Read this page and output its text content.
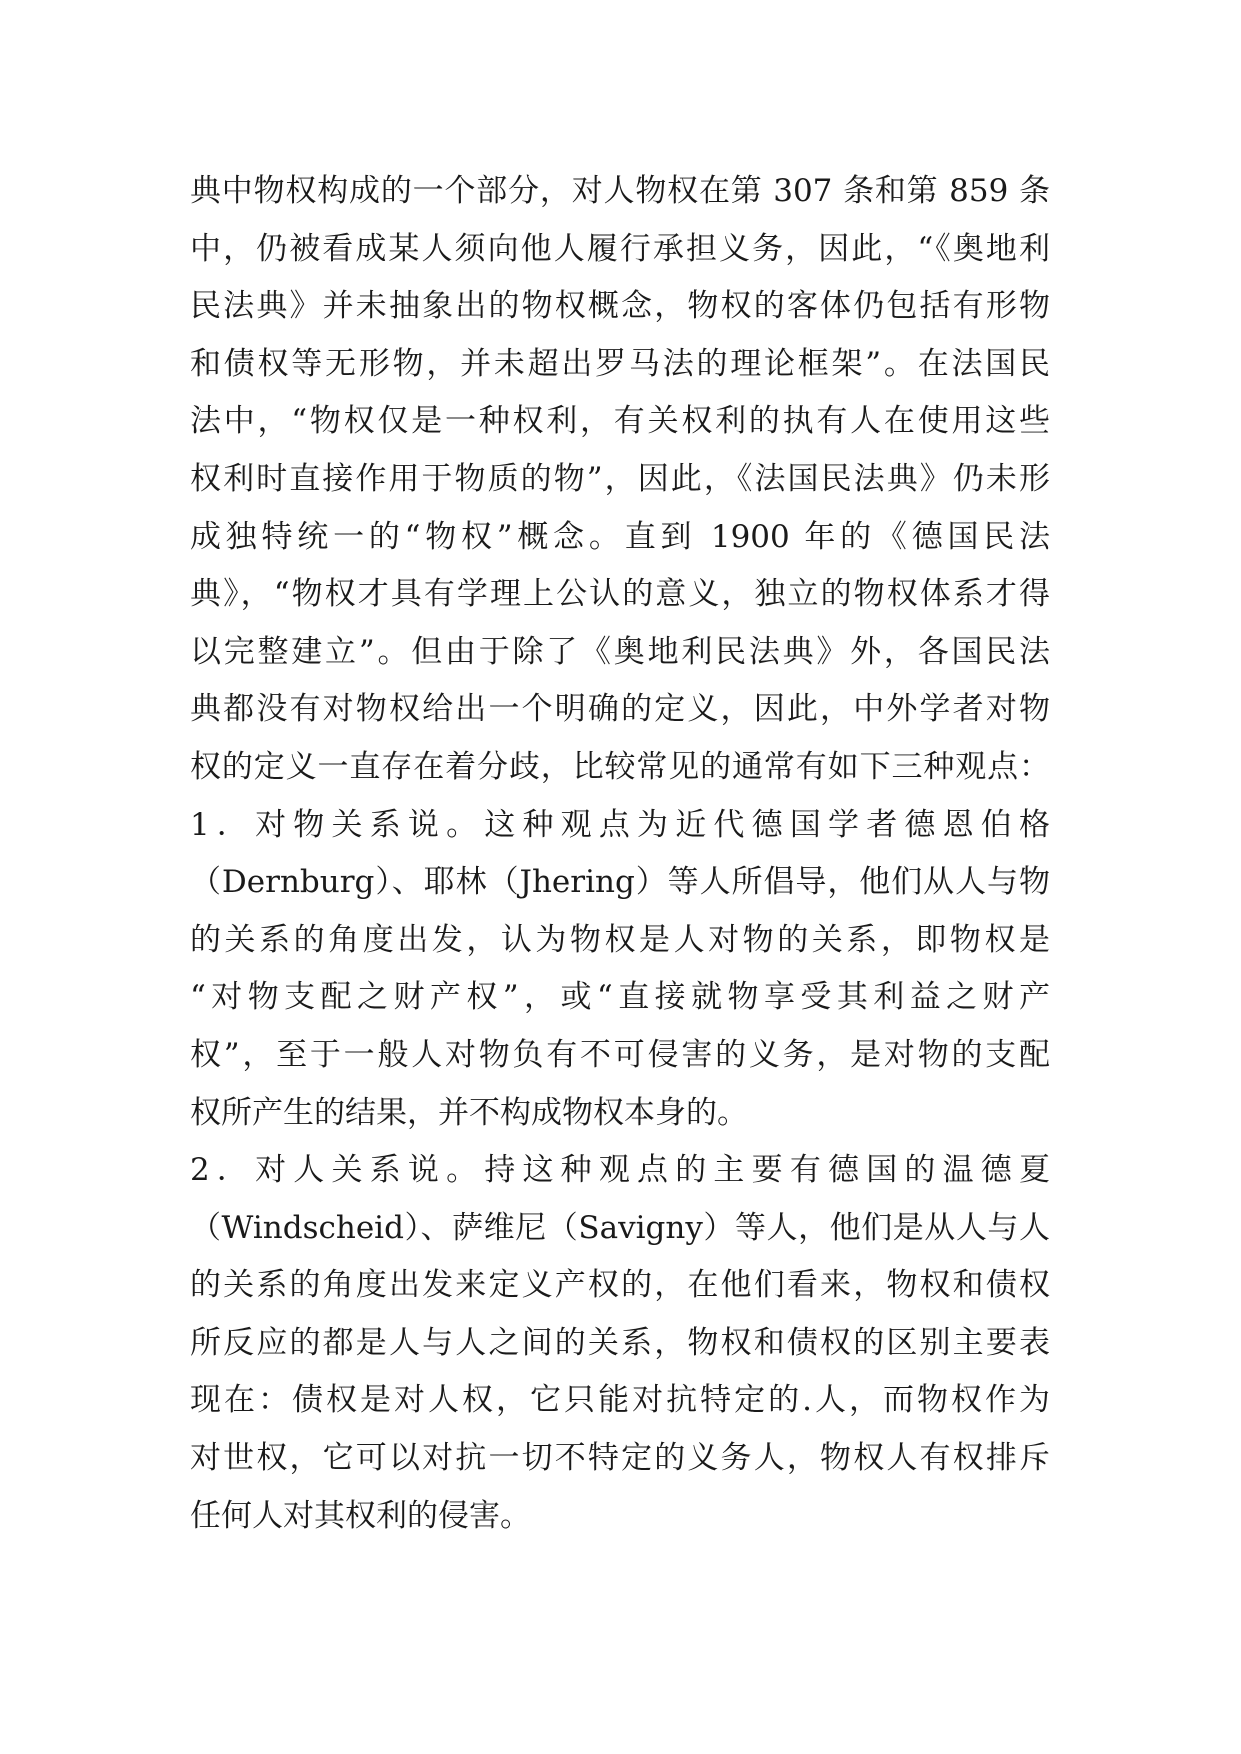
典中物权构成的一个部分，对人物权在第 307 条和第 859 条
中，仍被看成某人须向他人履行承担义务，因此，“《奥地利
民法典》并未抽象出的物权概念，物权的客体仍包括有形物
和债权等无形物，并未超出罗马法的理论框架”。在法国民
法中，“物权仅是一种权利，有关权利的执有人在使用这些
权利时直接作用于物质的物”，因此，《法国民法典》仍未形
成独特统一的“物权”概念。直到 1900 年的《德国民法
典》，“物权才具有学理上公认的意义，独立的物权体系才得
以完整建立”。但由于除了《奥地利民法典》外，各国民法
典都没有对物权给出一个明确的定义，因此，中外学者对物
权的定义一直存在着分歧，比较常见的通常有如下三种观点：
1．对物关系说。这种观点为近代德国学者德恩伯格
（Dernburg）、耶林（Jhering）等人所倡导，他们从人与物
的关系的角度出发，认为物权是人对物的关系，即物权是
“对物支配之财产权”，或“直接就物享受其利益之财产
权”，至于一般人对物负有不可侵害的义务，是对物的支配
权所产生的结果，并不构成物权本身的。
2．对人关系说。持这种观点的主要有德国的温德夏
（Windscheid）、萨维尼（Savigny）等人，他们是从人与人
的关系的角度出发来定义产权的，在他们看来，物权和债权
所反应的都是人与人之间的关系，物权和债权的区别主要表
现在：债权是对人权，它只能对抗特定的.人，而物权作为
对世权，它可以对抗一切不特定的义务人，物权人有权排斥
任何人对其权利的侵害。
